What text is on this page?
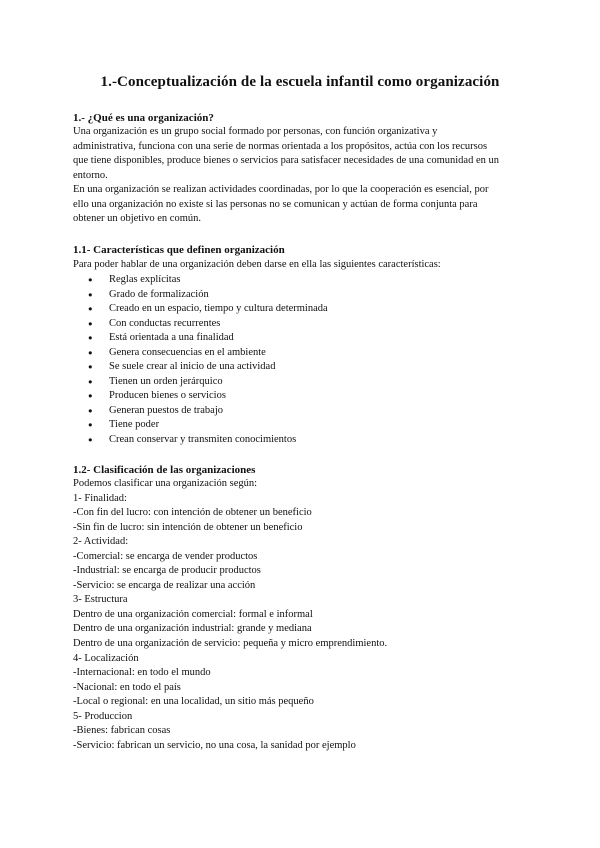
1.-Conceptualización de la escuela infantil como organización
1.- ¿Qué es una organización?
Una organización es un grupo social formado por personas, con función organizativa y
administrativa, funciona con una serie de normas orientada a los propósitos, actúa con los recursos
que tiene disponibles, produce bienes o servicios para satisfacer necesidades de una comunidad en un
entorno.
En una organización se realizan actividades coordinadas, por lo que la cooperación es esencial, por
ello una organización no existe si las personas no se comunican y actúan de forma conjunta para
obtener un objetivo en común.
1.1- Características que definen organización
Para poder hablar de una organización deben darse en ella las siguientes características:
● Reglas explícitas
● Grado de formalización
● Creado en un espacio, tiempo y cultura determinada
● Con conductas recurrentes
● Está orientada a una finalidad
● Genera consecuencias en el ambiente
● Se suele crear al inicio de una actividad
● Tienen un orden jerárquico
● Producen bienes o servicios
● Generan puestos de trabajo
● Tiene poder
● Crean conservar y transmiten conocimientos
1.2- Clasificación de las organizaciones
Podemos clasificar una organización según:
1- Finalidad:
-Con fin del lucro: con intención de obtener un beneficio
-Sin fin de lucro: sin intención de obtener un beneficio
2- Actividad:
-Comercial: se encarga de vender productos
-Industrial: se encarga de producir productos
-Servicio: se encarga de realizar una acción
3- Estructura
Dentro de una organización comercial: formal e informal
Dentro de una organización industrial: grande y mediana
Dentro de una organización de servicio: pequeña y micro emprendimiento.
4- Localización
-Internacional: en todo el mundo
-Nacional: en todo el país
-Local o regional: en una localidad, un sitio más pequeño
5- Produccion
-Bienes: fabrican cosas
-Servicio: fabrican un servicio, no una cosa, la sanidad por ejemplo
